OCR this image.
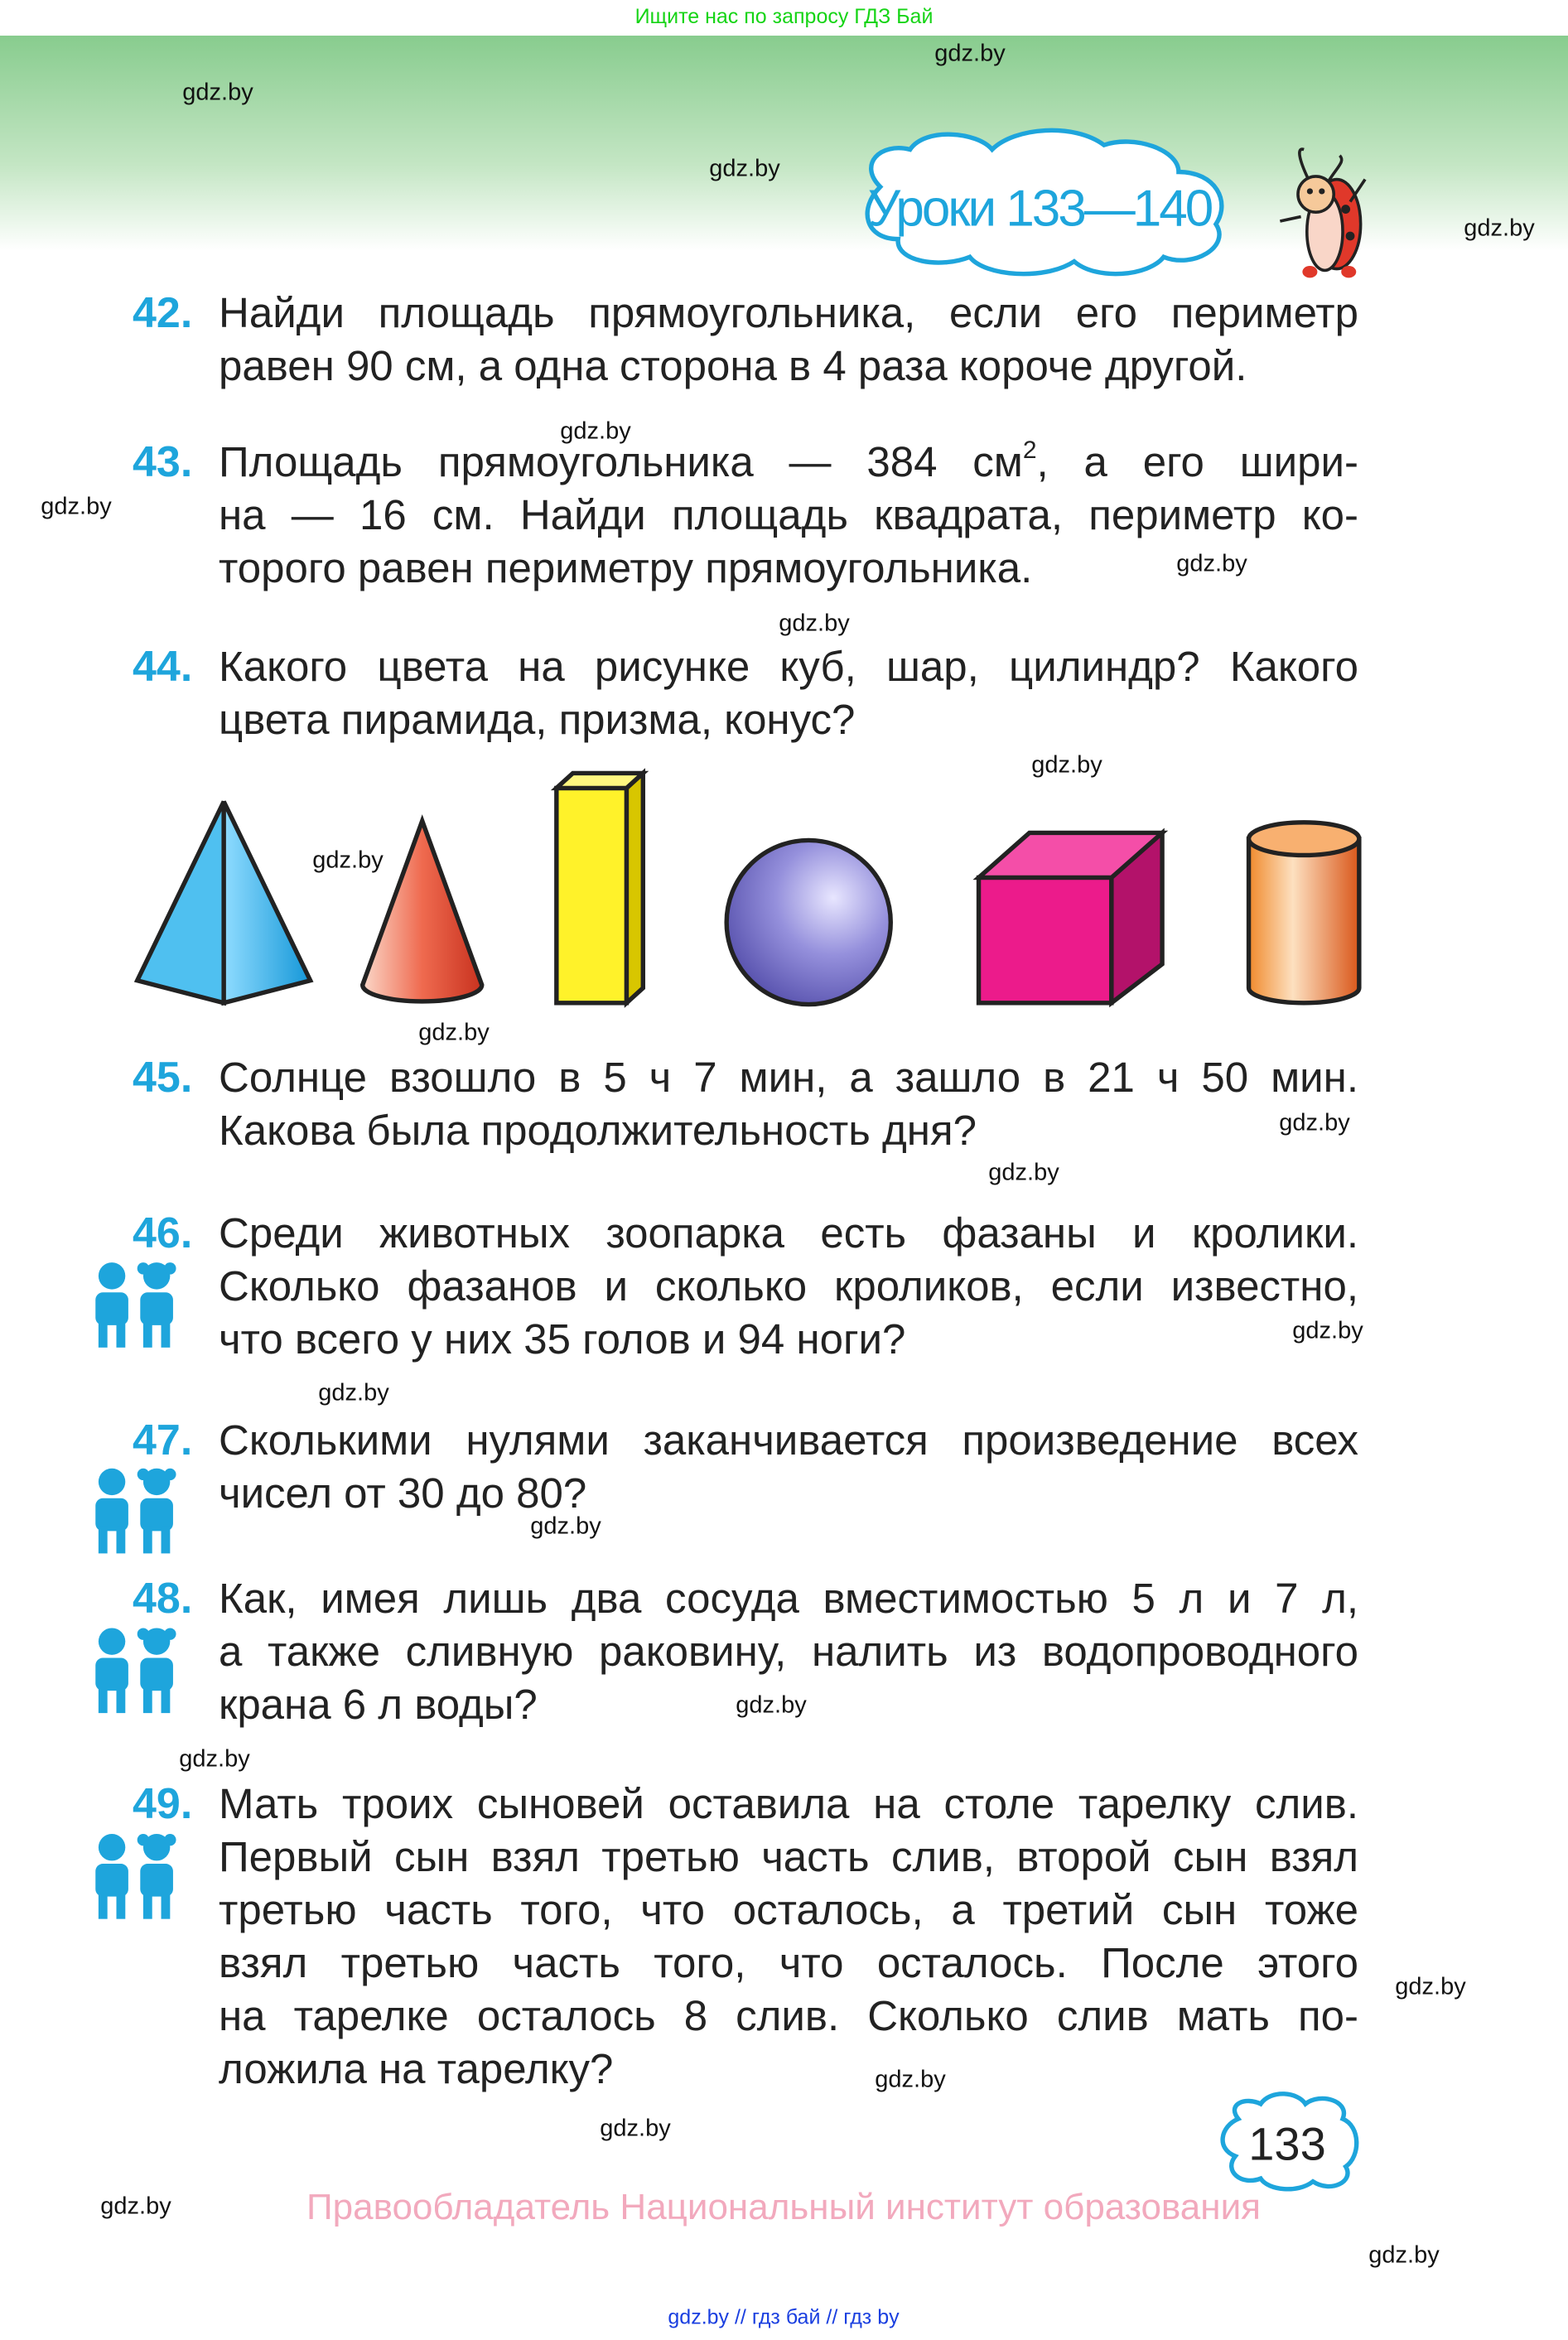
Ищите нас по запросу ГДЗ Бай
Уроки 133—140
42. Найди площадь прямоугольника, если его периметр
равен 90 см, а одна сторона в 4 раза короче другой.
43. Площадь прямоугольника — 384 $см^2$, а его шири-
на — 16 см. Найди площадь квадрата, периметр ко-
торого равен периметру прямоугольника.
44. Какого цвета на рисунке куб, шар, цилиндр? Какого
цвета пирамида, призма, конус?
45. Солнце взошло в 5 ч 7 мин, а зашло в 21 ч 50 мин.
Какова была продолжительность дня?
46. Среди животных зоопарка есть фазаны и кролики.
Сколько фазанов и сколько кроликов, если известно,
что всего у них 35 голов и 94 ноги?
47. Сколькими нулями заканчивается произведение всех
чисел от 30 до 80?
48. Как, имея лишь два сосуда вместимостью 5 л и 7 л,
а также сливную раковину, налить из водопроводного
крана 6 л воды?
49. Мать троих сыновей оставила на столе тарелку слив.
Первый сын взял третью часть слив, второй сын взял
третью часть того, что осталось, а третий сын тоже
взял третью часть того, что осталось. После этого
на тарелке осталось 8 слив. Сколько слив мать по-
ложила на тарелку?
gdz.by
gdz.by
gdz.by
gdz.by
gdz.by
gdz.by
gdz.by
gdz.by
gdz.by
gdz.by
gdz.by
gdz.by
gdz.by
gdz.by
gdz.by
gdz.by
gdz.by
gdz.by
gdz.by
gdz.by
gdz.by
gdz.by
gdz.by
133
Правообладатель Национальный институт образования
gdz.by // гдз бай // гдз by
